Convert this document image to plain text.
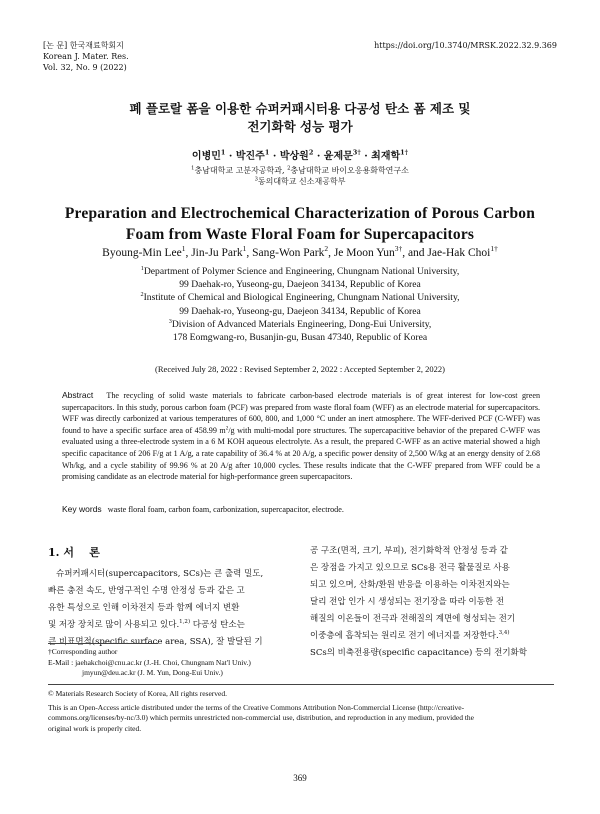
[논 문] 한국재료학회지
Korean J. Mater. Res.
Vol. 32, No. 9 (2022)
https://doi.org/10.3740/MRSK.2022.32.9.369
폐 플로랄 폼을 이용한 슈퍼커패시터용 다공성 탄소 폼 제조 및
전기화학 성능 평가
이병민$^1$ · 박진주$^1$ · 박상원$^2$ · 윤제문$^{3\dagger}$ · 최재학$^{1\dagger}$
$^1$충남대학교 고분자공학과, $^2$충남대학교 바이오응용화학연구소
$^3$동의대학교 신소재공학부
Preparation and Electrochemical Characterization of Porous Carbon
Foam from Waste Floral Foam for Supercapacitors
Byoung-Min Lee$^1$, Jin-Ju Park$^1$, Sang-Won Park$^2$, Je Moon Yun$^{3\dagger}$, and Jae-Hak Choi$^{1\dagger}$
$^1$Department of Polymer Science and Engineering, Chungnam National University,
99 Daehak-ro, Yuseong-gu, Daejeon 34134, Republic of Korea
$^2$Institute of Chemical and Biological Engineering, Chungnam National University,
99 Daehak-ro, Yuseong-gu, Daejeon 34134, Republic of Korea
$^3$Division of Advanced Materials Engineering, Dong-Eui University,
178 Eomgwang-ro, Busanjin-gu, Busan 47340, Republic of Korea
(Received July 28, 2022 : Revised September 2, 2022 : Accepted September 2, 2022)
Abstract The recycling of solid waste materials to fabricate carbon-based electrode materials is of great interest for low-cost green supercapacitors. In this study, porous carbon foam (PCF) was prepared from waste floral foam (WFF) as an electrode material for supercapacitors. WFF was directly carbonized at various temperatures of 600, 800, and 1,000 °C under an inert atmosphere. The WFF-derived PCF (C-WFF) was found to have a specific surface area of 458.99 $m^2/g$ with multi-modal pore structures. The supercapacitive behavior of the prepared C-WFF was evaluated using a three-electrode system in a 6 M KOH aqueous electrolyte. As a result, the prepared C-WFF as an active material showed a high specific capacitance of 206 F/g at 1 A/g, a rate capability of 36.4 % at 20 A/g, a specific power density of 2,500 W/kg at an energy density of 2.68 Wh/kg, and a cycle stability of 99.96 % at 20 A/g after 10,000 cycles. These results indicate that the C-WFF prepared from WFF could be a promising candidate as an electrode material for high-performance green supercapacitors.
Key words waste floral foam, carbon foam, carbonization, supercapacitor, electrode.
1. 서    론
슈퍼커패시터(supercapacitors, SCs)는 큰 출력 밀도,
빠른 충전 속도, 반영구적인 수명 안정성 등과 같은 고
유한 특성으로 인해 이차전지 등과 함께 에너지 변환
및 저장 장치로 많이 사용되고 있다.$^{1,2)}$ 다공성 탄소는
큰 비표면적(specific surface area, SSA), 잘 발달된 기
공 구조(면적, 크기, 부피), 전기화학적 안정성 등과 같
은 장점을 가지고 있으므로 SCs용 전극 활물질로 사용
되고 있으며, 산화/환원 반응을 이용하는 이차전지와는
달리 전압 인가 시 생성되는 전기장을 따라 이동한 전
해질의 이온들이 전극과 전해질의 계면에 형성되는 전기
이중층에 흡착되는 원리로 전기 에너지를 저장한다.$^{3,4)}$
SCs의 비축전용량(specific capacitance) 등의 전기화학
†Corresponding author
E-Mail : jaehakchoi@cnu.ac.kr (J.-H. Choi, Chungnam Nat'l Univ.)
jmyun@deu.ac.kr (J. M. Yun, Dong-Eui Univ.)
© Materials Research Society of Korea, All rights reserved.
This is an Open-Access article distributed under the terms of the Creative Commons Attribution Non-Commercial License (http://creative-
commons.org/licenses/by-nc/3.0) which permits unrestricted non-commercial use, distribution, and reproduction in any medium, provided the
original work is properly cited.
369
